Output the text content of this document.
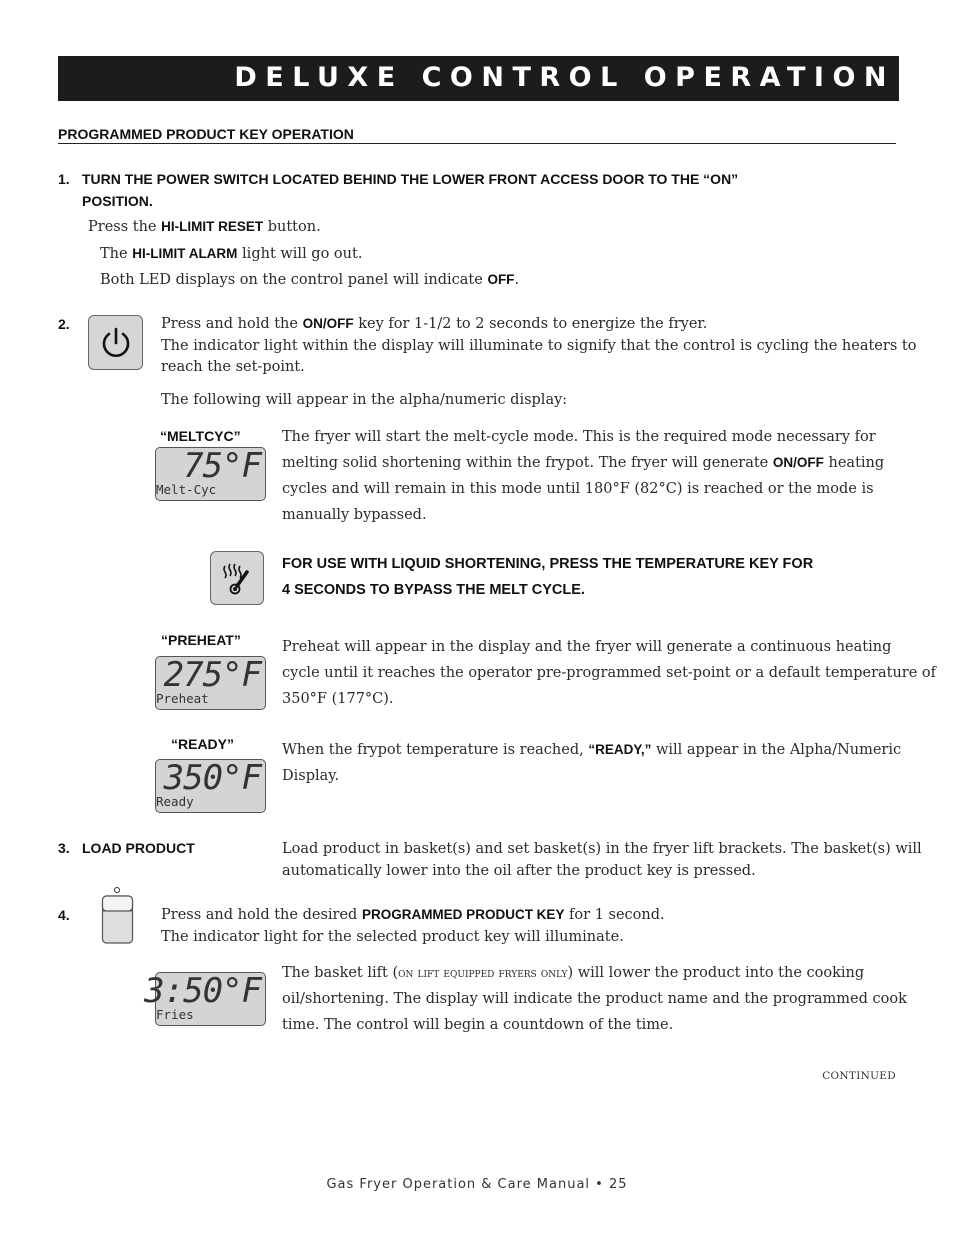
DELUXE CONTROL OPERATION
PROGRAMMED PRODUCT KEY OPERATION
1. TURN THE POWER SWITCH LOCATED BEHIND THE LOWER FRONT ACCESS DOOR TO THE “ON”
POSITION.
Press the HI-LIMIT RESET button.
The HI-LIMIT ALARM light will go out.
Both LED displays on the control panel will indicate OFF.
2.	Press and hold the ON/OFF key for 1-1/2 to 2 seconds to energize the fryer.
The indicator light within the display will illuminate to signify that the control is cycling the heaters to
reach the set-point.
The following will appear in the alpha/numeric display:
“MELTCYC”
75°F
Melt-Cyc
The fryer will start the melt-cycle mode. This is the required mode necessary for
melting solid shortening within the frypot. The fryer will generate ON/OFF heating
cycles and will remain in this mode until 180°F (82°C) is reached or the mode is
manually bypassed.
FOR USE WITH LIQUID SHORTENING, PRESS THE TEMPERATURE KEY FOR
4 SECONDS TO BYPASS THE MELT CYCLE.
“PREHEAT”
275°F
Preheat
Preheat will appear in the display and the fryer will generate a continuous heating
cycle until it reaches the operator pre-programmed set-point or a default temperature of
350°F (177°C).
“READY”
350°F
Ready
When the frypot temperature is reached, “READY,” will appear in the Alpha/Numeric
Display.
3. LOAD PRODUCT	Load product in basket(s) and set basket(s) in the fryer lift brackets. The basket(s) will
automatically lower into the oil after the product key is pressed.
4.	Press and hold the desired PROGRAMMED PRODUCT KEY for 1 second.
The indicator light for the selected product key will illuminate.
3:50°F
Fries
The basket lift (on lift equipped fryers only) will lower the product into the cooking
oil/shortening. The display will indicate the product name and the programmed cook
time. The control will begin a countdown of the time.
CONTINUED
Gas Fryer Operation & Care Manual • 25
